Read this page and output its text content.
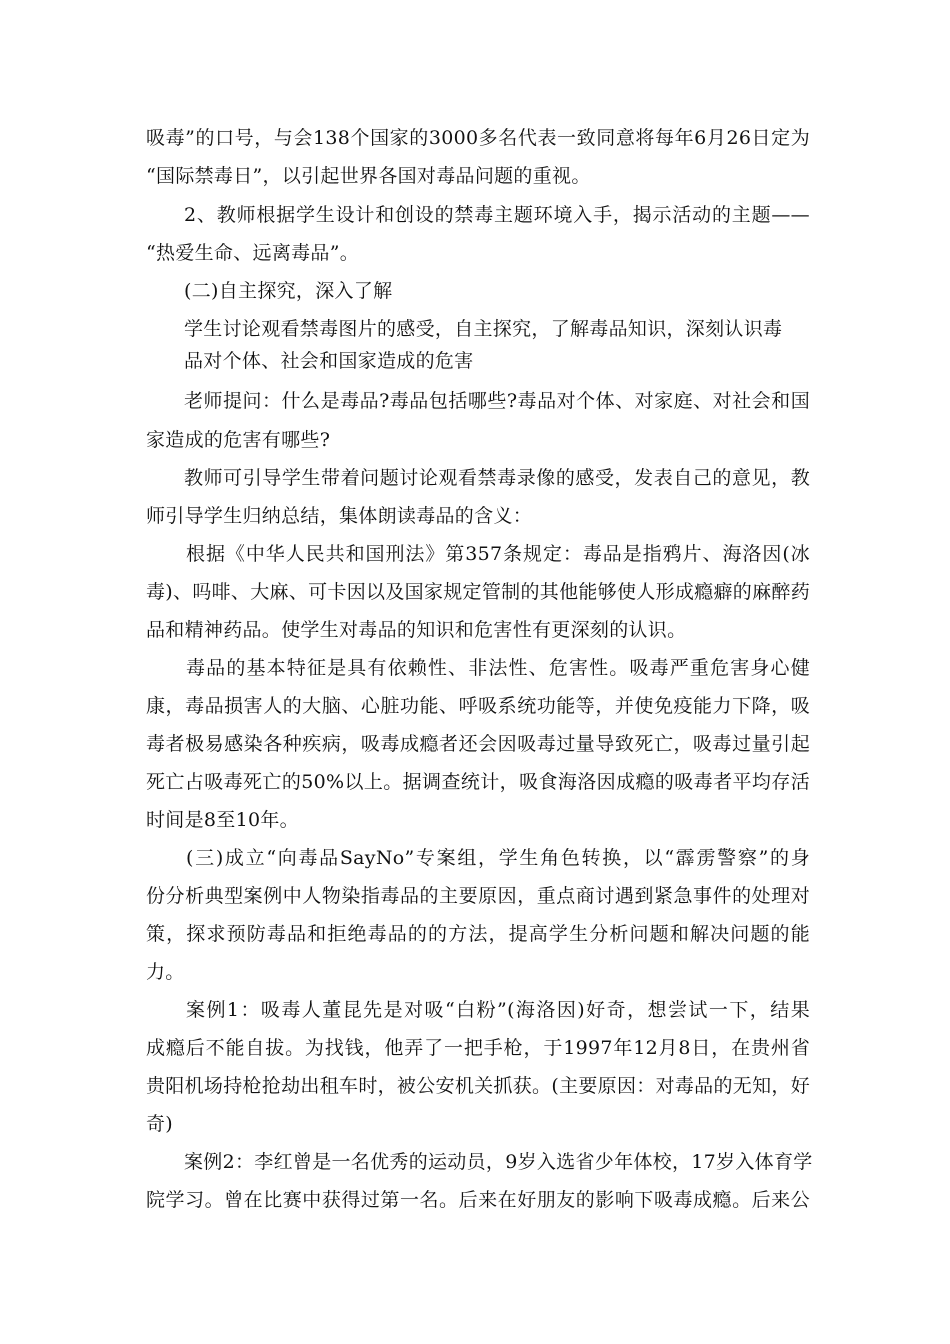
吸毒”的口号，与会138个国家的3000多名代表一致同意将每年6月26日定为
“国际禁毒日”，以引起世界各国对毒品问题的重视。
2、教师根据学生设计和创设的禁毒主题环境入手，揭示活动的主题——
“热爱生命、远离毒品”。
(二)自主探究，深入了解
学生讨论观看禁毒图片的感受，自主探究，了解毒品知识，深刻认识毒
品对个体、社会和国家造成的危害
老师提问：什么是毒品?毒品包括哪些?毒品对个体、对家庭、对社会和国
家造成的危害有哪些?
教师可引导学生带着问题讨论观看禁毒录像的感受，发表自己的意见，教
师引导学生归纳总结，集体朗读毒品的含义：
根据《中华人民共和国刑法》第357条规定：毒品是指鸦片、海洛因(冰
毒)、吗啡、大麻、可卡因以及国家规定管制的其他能够使人形成瘾癖的麻醉药
品和精神药品。使学生对毒品的知识和危害性有更深刻的认识。
毒品的基本特征是具有依赖性、非法性、危害性。吸毒严重危害身心健
康，毒品损害人的大脑、心脏功能、呼吸系统功能等，并使免疫能力下降，吸
毒者极易感染各种疾病，吸毒成瘾者还会因吸毒过量导致死亡，吸毒过量引起
死亡占吸毒死亡的50%以上。据调查统计，吸食海洛因成瘾的吸毒者平均存活
时间是8至10年。
(三)成立“向毒品SayNo”专案组，学生角色转换，以“霹雳警察”的身
份分析典型案例中人物染指毒品的主要原因，重点商讨遇到紧急事件的处理对
策，探求预防毒品和拒绝毒品的的方法，提高学生分析问题和解决问题的能
力。
案例1：吸毒人董昆先是对吸“白粉”(海洛因)好奇，想尝试一下，结果
成瘾后不能自拔。为找钱，他弄了一把手枪，于1997年12月8日，在贵州省
贵阳机场持枪抢劫出租车时，被公安机关抓获。(主要原因：对毒品的无知，好
奇)
案例2：李红曾是一名优秀的运动员，9岁入选省少年体校，17岁入体育学
院学习。曾在比赛中获得过第一名。后来在好朋友的影响下吸毒成瘾。后来公
